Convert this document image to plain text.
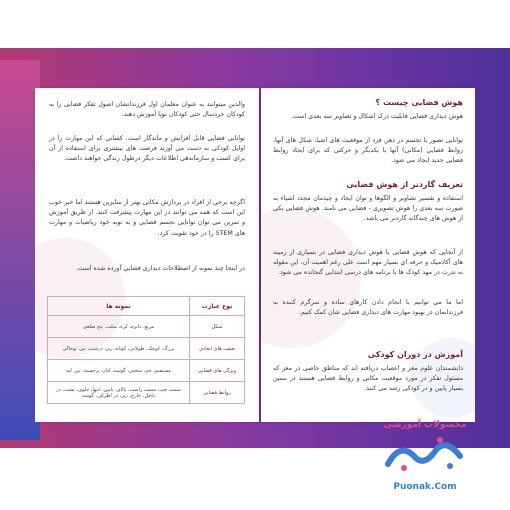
والدین میتوانند به عنوان معلمان اول فرزندانشان اصول تفکر فضایی را به کودکان خردسال حتی کودکان نوپا آموزش دهند.
توانایی فضایی قابل افزایش و ماندگار است. کسانی که این مهارت را در اوایل کودکی به دست می آورند فرصت های بیشتری برای استفاده از آن برای کسب و سازماندهی اطلاعات دیگر درطول زندگی خواهند داشت.
اگرچه برخی از افراد در پردازش مکانی بهتر از سایرین هستند اما خبر خوب این است که همه می توانند در این مهارت پیشرفت کنند. از طریق آموزش و تمرین می توان توانایی تجسم فضایی و به نوبه خود ریاضیات و مهارت های STEM را در خود تقویت کرد.
در اینجا چند نمونه از اصطلاحات دیداری فضایی آورده شده است.
نوع عبارت	نمونه ها
شکل	مربع، دایره، کره، مثلث، پنج ضلعی
صفت های ابعادی	بزرگ، کوچک، طولانی، کوتاه، زیر، درشت، تیز، توخالی
ویژگی های فضایی	مستقیم، خم، منحنی، گوشه، کنار، برجسته، تیز، لبه
روابط فضایی	سمت چپ، سمت راست، بالای، پایین، انتها، جلوی، پشت، در داخل، خارج، زیر، در اطراف، گوشه
هوش فضایی چیست ؟
هوش دیداری فضایی قابلیت درک اشکال و تصاویر سه بعدی است.
توانایی تصور یا تجسم در ذهن فرد از موقعیت های اشیا، شکل های آنها، روابط فضایی (مکانی) آنها با یکدیگر و حرکتی که برای ایجاد روابط فضایی جدید ایجاد می شود.
تعریف گاردنر از هوش فضایی
استفاده و تفسیر تصاویر و الگوها و توان ایجاد و چیدمان مجدد اشیاء به صورت سه بعدی را هوش تصویری - فضایی می نامند. هوش فضایی یکی از هوش های چندگانه گاردنر می باشد.
از آنجایی که هوش فضایی یا هوش دیداری فضایی در بسیاری از زمینه های آکادمیک و حرفه ای بسیار مهم است علی رغم اهمیت آن، این مقوله به ندرت در مهد کودک ها یا برنامه های درسی ابتدایی گنجانده می شود.
اما ما می توانیم با انجام دادن کارهای ساده و سرگرم کننده به فرزندانمان در بهبود مهارت های دیداری فضایی شان کمک کنیم.
آموزش در دوران کودکی
دانشمندان علوم مغز و اعصاب دریافته اند که مناطق خاصی در مغز که مسئول تفکر در مورد موقعیت مکانی و روابط فضایی هستند در سنین بسیار پایین و در کودکی رشد می کنند.
محصولات آموزشی
Puonak.Com
